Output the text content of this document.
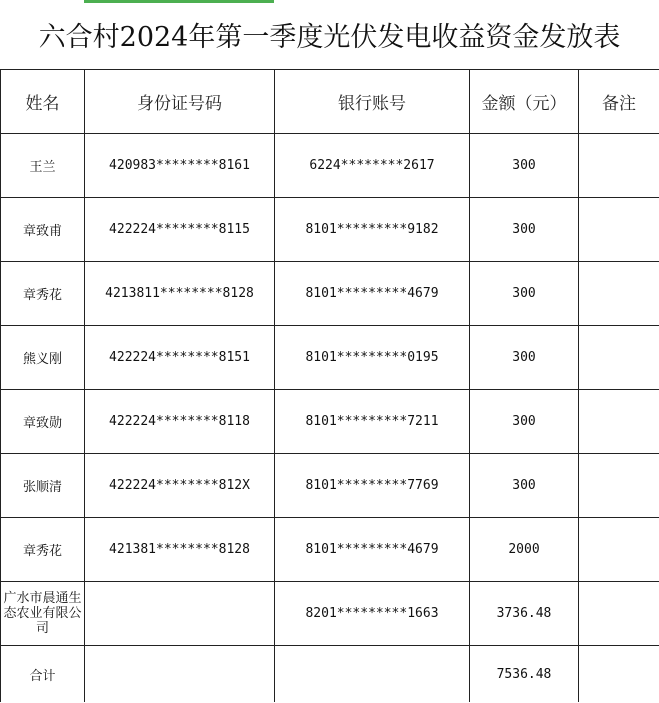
六合村2024年第一季度光伏发电收益资金发放表
姓名	身份证号码	银行账号	金额（元）	备注
王兰	420983********8161	6224********2617	300	
章致甫	422224********8115	8101*********9182	300	
章秀花	4213811********8128	8101*********4679	300	
熊义刚	422224********8151	8101*********0195	300	
章致勋	422224********8118	8101*********7211	300	
张顺清	422224********812X	8101*********7769	300	
章秀花	421381********8128	8101*********4679	2000	
广水市晨通生态农业有限公司		8201*********1663	3736.48	
合计			7536.48	
